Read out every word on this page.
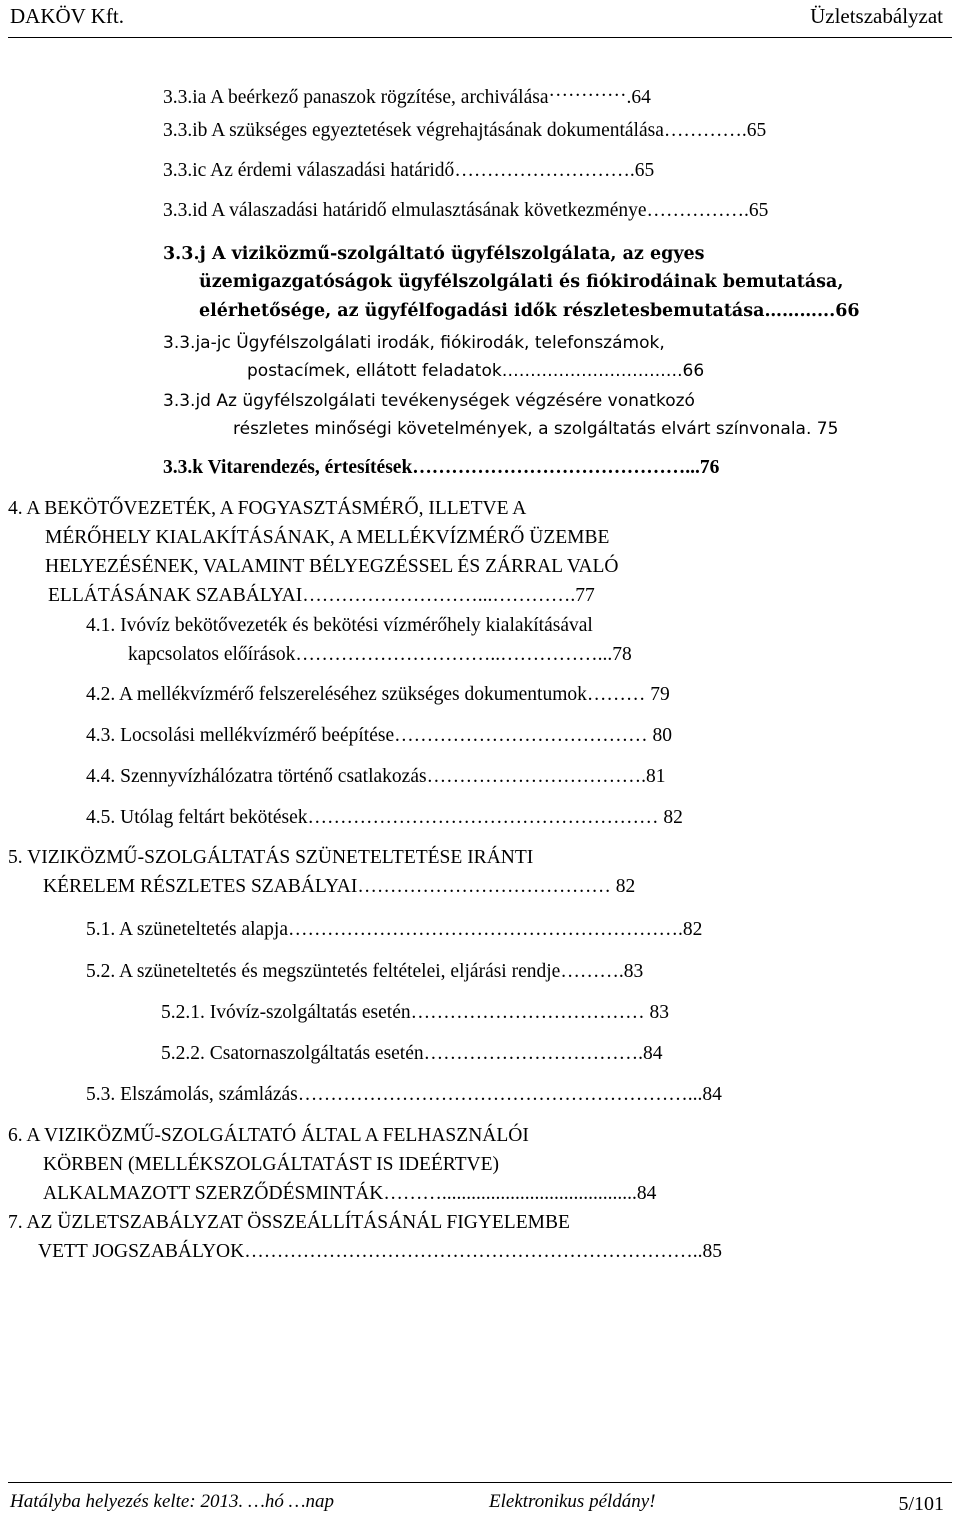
DAKÖV Kft.	Üzletszabályzat
3.3.ia A beérkező panaszok rögzítése, archiválása………….64
3.3.ib A szükséges egyeztetések végrehajtásának dokumentálása………….65
3.3.ic Az érdemi válaszadási határidő……………………….65
3.3.id A válaszadási határidő elmulasztásának következménye…………….65
3.3.j A viziközmű-szolgáltató ügyfélszolgálata, az egyes
üzemigazgatóságok ügyfélszolgálati és fiókirodáinak bemutatása,
elérhetősége, az ügyfélfogadási idők részletesbemutatása………...66
3.3.ja-jc Ügyfélszolgálati irodák, fiókirodák, telefonszámok,
postacímek, ellátott feladatok……………………….….66
3.3.jd Az ügyfélszolgálati tevékenységek végzésére vonatkozó
részletes minőségi követelmények, a szolgáltatás elvárt színvonala. 75
3.3.k Vitarendezés, értesítések……………………………………...76
4. A BEKÖTŐVEZETÉK, A FOGYASZTÁSMÉRŐ, ILLETVE A
MÉRŐHELY KIALAKÍTÁSÁNAK, A MELLÉKVÍZMÉRŐ ÜZEMBE
HELYEZÉSÉNEK, VALAMINT BÉLYEGZÉSSEL ÉS ZÁRRAL VALÓ
ELLÁTÁSÁNAK SZABÁLYAI………………………...………….77
4.1. Ivóvíz bekötővezeték és bekötési vízmérőhely kialakításával
kapcsolatos előírások…………………………..……………...78
4.2. A mellékvízmérő felszereléséhez szükséges dokumentumok……… 79
4.3. Locsolási mellékvízmérő beépítése………………………………… 80
4.4. Szennyvízhálózatra történő csatlakozás…………………………….81
4.5. Utólag feltárt bekötések……………………………………………… 82
5. VIZIKÖZMŰ-SZOLGÁLTATÁS SZÜNETELTETÉSE IRÁNTI
KÉRELEM RÉSZLETES SZABÁLYAI………………………………… 82
5.1. A szüneteltetés alapja…………………………………………………….82
5.2. A szüneteltetés és megszüntetés feltételei, eljárási rendje……….83
5.2.1. Ivóvíz-szolgáltatás esetén……………………………… 83
5.2.2. Csatornaszolgáltatás esetén…………………………….84
5.3. Elszámolás, számlázás……………………………………………………...84
6. A VIZIKÖZMŰ-SZOLGÁLTATÓ ÁLTAL A FELHASZNÁLÓI
KÖRBEN (MELLÉKSZOLGÁLTATÁST IS IDEÉRTVE)
ALKALMAZOTT SZERZŐDÉSMINTÁK………........................................84
7. AZ ÜZLETSZABÁLYZAT ÖSSZEÁLLÍTÁSÁNÁL FIGYELEMBE
VETT JOGSZABÁLYOK……………………………………………………………..85
Hatályba helyezés kelte: 2013. …hó …nap	Elektronikus példány!	5/101
